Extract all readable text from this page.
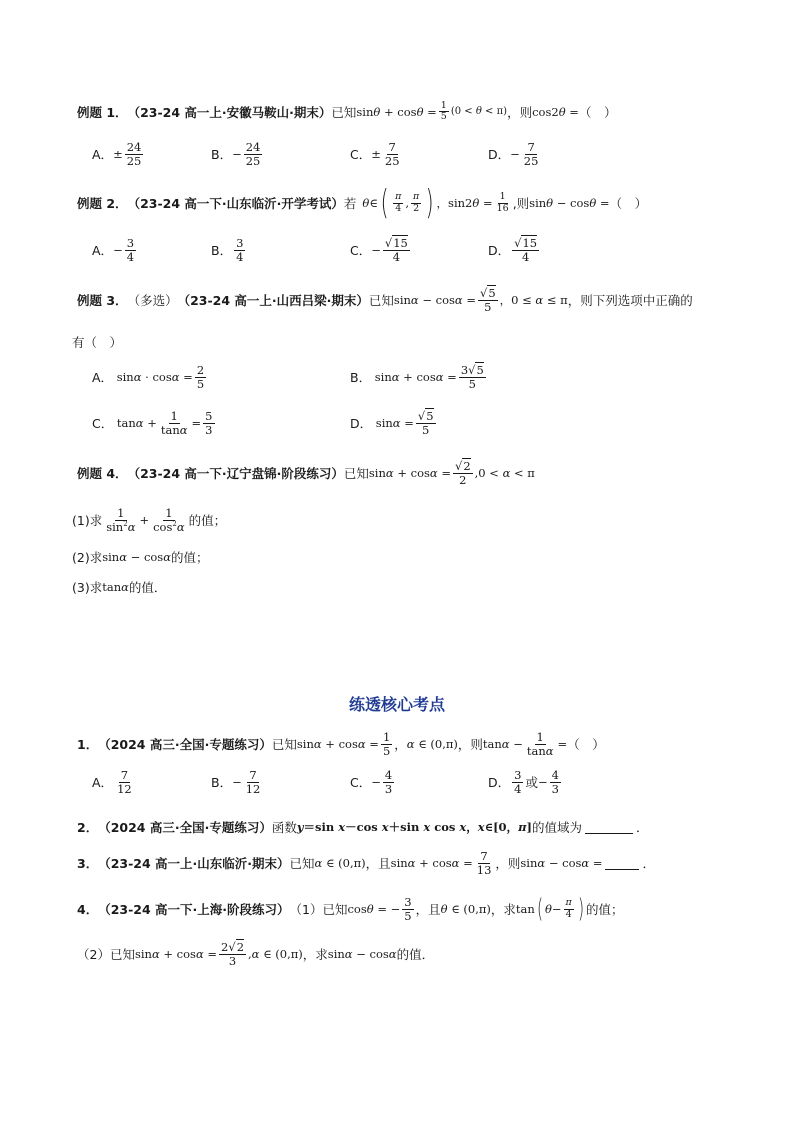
例题 1． （23-24 高一上·安徽马鞍山·期末） 已知 $\sin\theta + \cos\theta = \frac{1}{5} (0 < \theta < \pi)$ ，则 cos2θ = （　）
A． ± $\frac{24}{25}$	B． − $\frac{24}{25}$	C． ± $\frac{7}{25}$	D． − $\frac{7}{25}$
例题 2． （23-24 高一下·山东临沂·开学考试） 若 θ ∈ ( $\frac{\pi}{4}$ , $\frac{\pi}{2}$ ) ，$\sin 2\theta = \frac{1}{16}$ ,则 sinθ − cosθ = （　）
A． − $\frac{3}{4}$	B． $\frac{3}{4}$	C． − $\frac{√15}{4}$	D． $\frac{√15}{4}$
例题 3． （多选） （23-24 高一上·山西吕梁·期末） 已知 $\sin\alpha - \cos\alpha = \frac{√5}{5}$ ，0 ≤ α ≤ π ，则下列选项中正确的
有（　）
A． $\sin\alpha \cdot \cos\alpha = \frac{2}{5}$	B． $\sin\alpha + \cos\alpha = \frac{3√5}{5}$
C． $\tan\alpha + \frac{1}{\tan\alpha} = \frac{5}{3}$	D． $\sin\alpha = \frac{√5}{5}$
例题 4． （23-24 高一下·辽宁盘锦·阶段练习） 已知 $\sin\alpha + \cos\alpha = \frac{√2}{2} ,0 < \alpha < \pi$
(1)求 $\frac{1}{\sin^2\alpha} + \frac{1}{\cos^2\alpha}$ 的值；
(2)求 sinα − cosα 的值；
(3)求 tanα 的值．
练透核心考点
1． （2024 高三·全国·专题练习） 已知 $\sin\alpha + \cos\alpha = \frac{1}{5}$ ， α ∈ (0,π) ，则 $\tan\alpha - \frac{1}{\tan\alpha}$ = （　）
A． $\frac{7}{12}$	B． − $\frac{7}{12}$	C． − $\frac{4}{3}$	D． $\frac{3}{4}$ 或 − $\frac{4}{3}$
2． （2024 高三·全国·专题练习） 函数 y＝sin x－cos x＋sin x cos x，x∈[0，π] 的值域为	．
3． （23-24 高一上·山东临沂·期末） 已知 α ∈ (0,π) ，且 $\sin\alpha + \cos\alpha = \frac{7}{13}$ ，则 sinα − cosα =	．
4． （23-24 高一下·上海·阶段练习） （1）已知 cosθ = − $\frac{3}{5}$ ，且 θ ∈ (0,π) ，求 tan ( $\theta - \frac{\pi}{4}$ ) 的值；
（2）已知 $\sin\alpha + \cos\alpha = \frac{2√2}{3} ,\alpha$ ∈ (0,π) ，求 sinα − cosα 的值．
